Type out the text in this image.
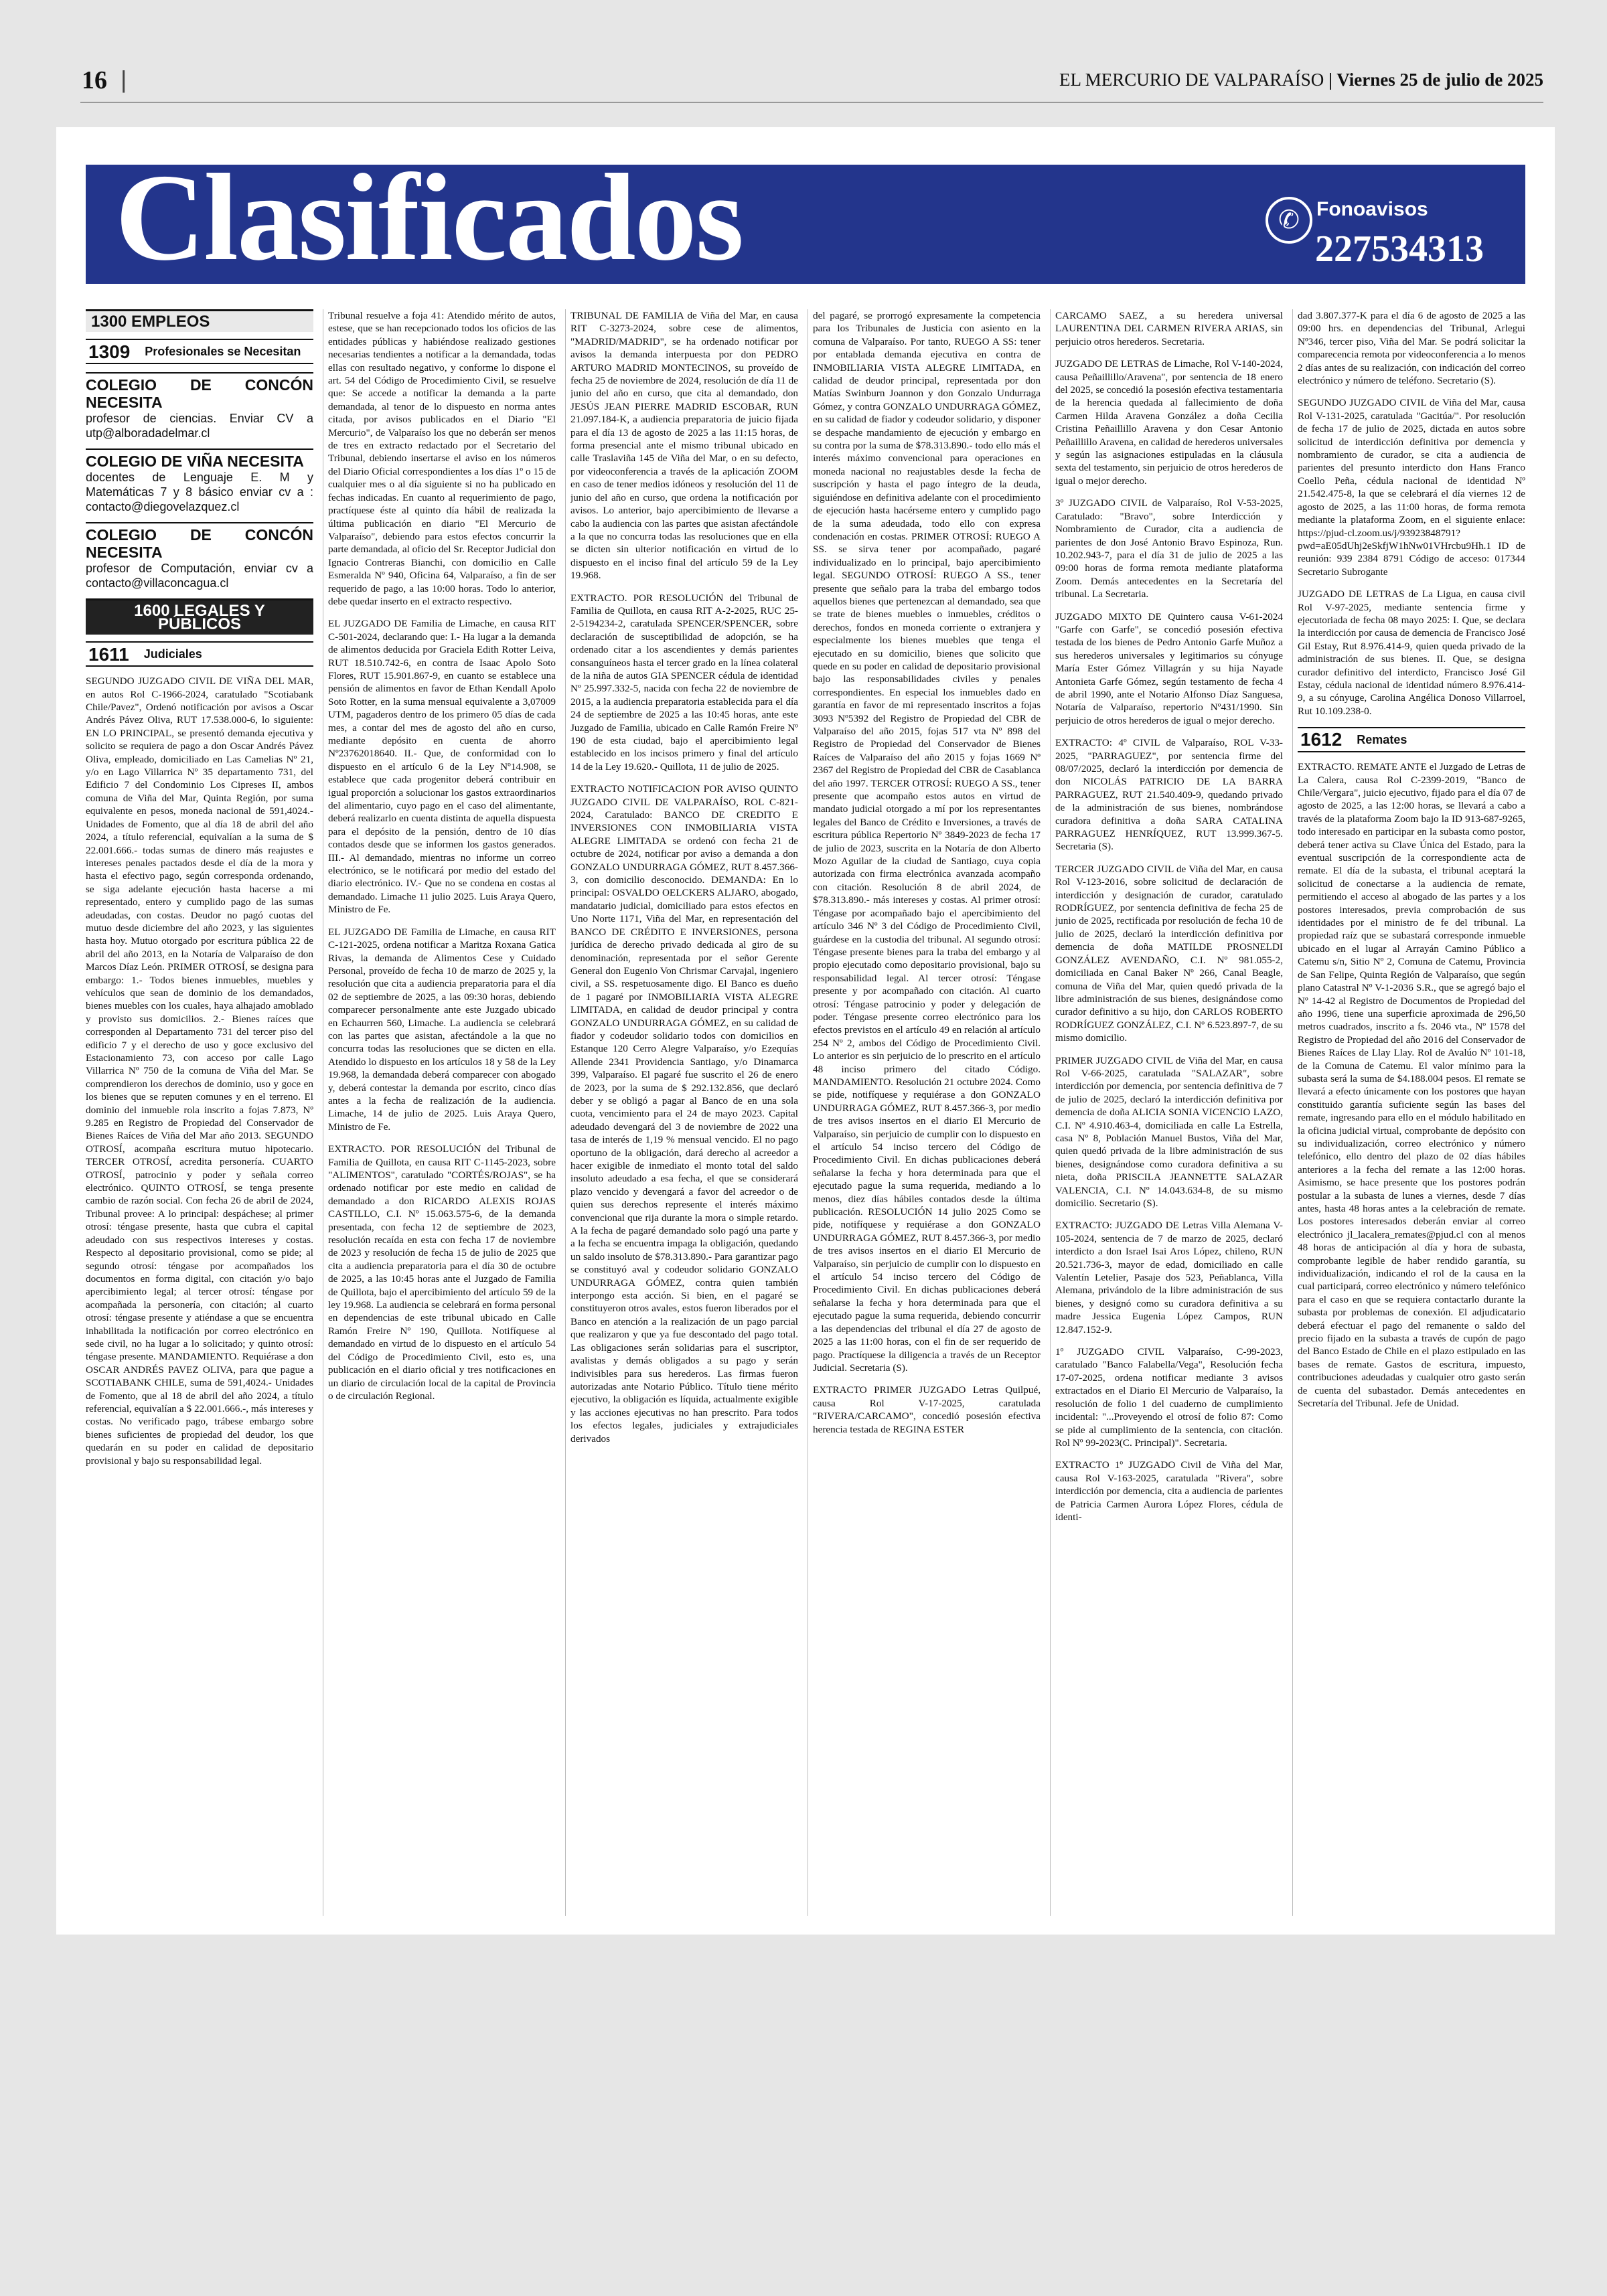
16 |	EL MERCURIO DE VALPARAÍSO | Viernes 25 de julio de 2025
Clasificados	✆ Fonoavisos
227534313
1300 EMPLEOS
1309 Profesionales se Necesitan
COLEGIO DE CONCÓN NECESITA
profesor de ciencias. Enviar CV a utp@alboradadelmar.cl
COLEGIO DE VIÑA NECESITA
docentes de Lenguaje E. M y Matemáticas 7 y 8 básico enviar cv a : contacto@diegovelazquez.cl
COLEGIO DE CONCÓN NECESITA
profesor de Computación, enviar cv a contacto@villaconcagua.cl
1600 LEGALES Y PÚBLICOS
1611 Judiciales

SEGUNDO JUZGADO CIVIL DE VIÑA DEL MAR, en autos Rol C-1966-2024, caratulado "Scotiabank Chile/Pavez", Ordenó notificación por avisos a Oscar Andrés Pávez Oliva, RUT 17.538.000-6, lo siguiente: EN LO PRINCIPAL, se presentó demanda ejecutiva y solicito se requiera de pago a don Oscar Andrés Pávez Oliva, empleado, domiciliado en Las Camelias Nº 21, y/o en Lago Villarrica Nº 35 departamento 731, del Edificio 7 del Condominio Los Cipreses II, ambos comuna de Viña del Mar, Quinta Región, por suma equivalente en pesos, moneda nacional de 591,4024.- Unidades de Fomento, que al día 18 de abril del año 2024, a título referencial, equivalían a la suma de $ 22.001.666.- todas sumas de dinero más reajustes e intereses penales pactados desde el día de la mora y hasta el efectivo pago, según corresponda ordenando, se siga adelante ejecución hasta hacerse a mi representado, entero y cumplido pago de las sumas adeudadas, con costas. Deudor no pagó cuotas del mutuo desde diciembre del año 2023, y las siguientes hasta hoy. Mutuo otorgado por escritura pública 22 de abril del año 2013, en la Notaría de Valparaíso de don Marcos Díaz León. PRIMER OTROSÍ, se designa para embargo: 1.- Todos bienes inmuebles, muebles y vehículos que sean de dominio de los demandados, bienes muebles con los cuales, haya alhajado amoblado y provisto sus domicilios. 2.- Bienes raíces que corresponden al Departamento 731 del tercer piso del edificio 7 y el derecho de uso y goce exclusivo del Estacionamiento 73, con acceso por calle Lago Villarrica Nº 750 de la comuna de Viña del Mar. Se comprendieron los derechos de dominio, uso y goce en los bienes que se reputen comunes y en el terreno. El dominio del inmueble rola inscrito a fojas 7.873, Nº 9.285 en Registro de Propiedad del Conservador de Bienes Raíces de Viña del Mar año 2013. SEGUNDO OTROSÍ, acompaña escritura mutuo hipotecario. TERCER OTROSÍ, acredita personería. CUARTO OTROSÍ, patrocinio y poder y señala correo electrónico. QUINTO OTROSÍ, se tenga presente cambio de razón social. Con fecha 26 de abril de 2024, Tribunal provee: A lo principal: despáchese; al primer otrosí: téngase presente, hasta que cubra el capital adeudado con sus respectivos intereses y costas. Respecto al depositario provisional, como se pide; al segundo otrosí: téngase por acompañados los documentos en forma digital, con citación y/o bajo apercibimiento legal; al tercer otrosí: téngase por acompañada la personería, con citación; al cuarto otrosí: téngase presente y atiéndase a que se encuentra inhabilitada la notificación por correo electrónico en sede civil, no ha lugar a lo solicitado; y quinto otrosí: téngase presente. MANDAMIENTO. Requiérase a don OSCAR ANDRÉS PAVEZ OLIVA, para que pague a SCOTIABANK CHILE, suma de 591,4024.- Unidades de Fomento, que al 18 de abril del año 2024, a título referencial, equivalían a $ 22.001.666.-, más intereses y costas. No verificado pago, trábese embargo sobre bienes suficientes de propiedad del deudor, los que quedarán en su poder en calidad de depositario provisional y bajo su responsabilidad legal.

Tribunal resuelve a foja 41: Atendido mérito de autos, estese, que se han recepcionado todos los oficios de las entidades públicas y habiéndose realizado gestiones necesarias tendientes a notificar a la demandada, todas ellas con resultado negativo, y conforme lo dispone el art. 54 del Código de Procedimiento Civil, se resuelve que: Se accede a notificar la demanda a la parte demandada, al tenor de lo dispuesto en norma antes citada, por avisos publicados en el Diario "El Mercurio", de Valparaíso los que no deberán ser menos de tres en extracto redactado por el Secretario del Tribunal, debiendo insertarse el aviso en los números del Diario Oficial correspondientes a los días 1º o 15 de cualquier mes o al día siguiente si no ha publicado en fechas indicadas. En cuanto al requerimiento de pago, practíquese éste al quinto día hábil de realizada la última publicación en diario "El Mercurio de Valparaíso", debiendo para estos efectos concurrir la parte demandada, al oficio del Sr. Receptor Judicial don Ignacio Contreras Bianchi, con domicilio en Calle Esmeralda Nº 940, Oficina 64, Valparaíso, a fin de ser requerido de pago, a las 10:00 horas. Todo lo anterior, debe quedar inserto en el extracto respectivo.

EL JUZGADO DE Familia de Limache, en causa RIT C-501-2024, declarando que: I.- Ha lugar a la demanda de alimentos deducida por Graciela Edith Rotter Leiva, RUT 18.510.742-6, en contra de Isaac Apolo Soto Flores, RUT 15.901.867-9, en cuanto se establece una pensión de alimentos en favor de Ethan Kendall Apolo Soto Rotter, en la suma mensual equivalente a 3,07009 UTM, pagaderos dentro de los primero 05 días de cada mes, a contar del mes de agosto del año en curso, mediante depósito en cuenta de ahorro Nº23762018640. II.- Que, de conformidad con lo dispuesto en el artículo 6 de la Ley Nº14.908, se establece que cada progenitor deberá contribuir en igual proporción a solucionar los gastos extraordinarios del alimentario, cuyo pago en el caso del alimentante, deberá realizarlo en cuenta distinta de aquella dispuesta para el depósito de la pensión, dentro de 10 días contados desde que se informen los gastos generados. III.- Al demandado, mientras no informe un correo electrónico, se le notificará por medio del estado del diario electrónico. IV.- Que no se condena en costas al demandado. Limache 11 julio 2025. Luis Araya Quero, Ministro de Fe.

EL JUZGADO DE Familia de Limache, en causa RIT C-121-2025, ordena notificar a Maritza Roxana Gatica Rivas, la demanda de Alimentos Cese y Cuidado Personal, proveído de fecha 10 de marzo de 2025 y, la resolución que cita a audiencia preparatoria para el día 02 de septiembre de 2025, a las 09:30 horas, debiendo comparecer personalmente ante este Juzgado ubicado en Echaurren 560, Limache. La audiencia se celebrará con las partes que asistan, afectándole a la que no concurra todas las resoluciones que se dicten en ella. Atendido lo dispuesto en los artículos 18 y 58 de la Ley 19.968, la demandada deberá comparecer con abogado y, deberá contestar la demanda por escrito, cinco días antes a la fecha de realización de la audiencia. Limache, 14 de julio de 2025. Luis Araya Quero, Ministro de Fe.

EXTRACTO. POR RESOLUCIÓN del Tribunal de Familia de Quillota, en causa RIT C-1145-2023, sobre "ALIMENTOS", caratulado "CORTÉS/ROJAS", se ha ordenado notificar por este medio en calidad de demandado a don RICARDO ALEXIS ROJAS CASTILLO, C.I. Nº 15.063.575-6, de la demanda presentada, con fecha 12 de septiembre de 2023, resolución recaída en esta con fecha 17 de noviembre de 2023 y resolución de fecha 15 de julio de 2025 que cita a audiencia preparatoria para el día 30 de octubre de 2025, a las 10:45 horas ante el Juzgado de Familia de Quillota, bajo el apercibimiento del artículo 59 de la ley 19.968. La audiencia se celebrará en forma personal en dependencias de este tribunal ubicado en Calle Ramón Freire Nº 190, Quillota. Notifíquese al demandado en virtud de lo dispuesto en el artículo 54 del Código de Procedimiento Civil, esto es, una publicación en el diario oficial y tres notificaciones en un diario de circulación local de la capital de Provincia o de circulación Regional.

TRIBUNAL DE FAMILIA de Viña del Mar, en causa RIT C-3273-2024, sobre cese de alimentos, "MADRID/MADRID", se ha ordenado notificar por avisos la demanda interpuesta por don PEDRO ARTURO MADRID MONTECINOS, su proveído de fecha 25 de noviembre de 2024, resolución de día 11 de junio del año en curso, que cita al demandado, don JESÚS JEAN PIERRE MADRID ESCOBAR, RUN 21.097.184-K, a audiencia preparatoria de juicio fijada para el día 13 de agosto de 2025 a las 11:15 horas, de forma presencial ante el mismo tribunal ubicado en calle Traslaviña 145 de Viña del Mar, o en su defecto, por videoconferencia a través de la aplicación ZOOM en caso de tener medios idóneos y resolución del 11 de junio del año en curso, que ordena la notificación por avisos. Lo anterior, bajo apercibimiento de llevarse a cabo la audiencia con las partes que asistan afectándole a la que no concurra todas las resoluciones que en ella se dicten sin ulterior notificación en virtud de lo dispuesto en el inciso final del artículo 59 de la Ley 19.968.

EXTRACTO. POR RESOLUCIÓN del Tribunal de Familia de Quillota, en causa RIT A-2-2025, RUC 25-2-5194234-2, caratulada SPENCER/SPENCER, sobre declaración de susceptibilidad de adopción, se ha ordenado citar a los ascendientes y demás parientes consanguíneos hasta el tercer grado en la línea colateral de la niña de autos GIA SPENCER cédula de identidad Nº 25.997.332-5, nacida con fecha 22 de noviembre de 2015, a la audiencia preparatoria establecida para el día 24 de septiembre de 2025 a las 10:45 horas, ante este Juzgado de Familia, ubicado en Calle Ramón Freire Nº 190 de esta ciudad, bajo el apercibimiento legal establecido en los incisos primero y final del artículo 14 de la Ley 19.620.- Quillota, 11 de julio de 2025.

EXTRACTO NOTIFICACION POR AVISO QUINTO JUZGADO CIVIL DE VALPARAÍSO, ROL C-821-2024, Caratulado: BANCO DE CREDITO E INVERSIONES CON INMOBILIARIA VISTA ALEGRE LIMITADA se ordenó con fecha 21 de octubre de 2024, notificar por aviso a demanda a don GONZALO UNDURRAGA GÓMEZ, RUT 8.457.366-3, con domicilio desconocido. DEMANDA: En lo principal: OSVALDO OELCKERS ALJARO, abogado, mandatario judicial, domiciliado para estos efectos en Uno Norte 1171, Viña del Mar, en representación del BANCO DE CRÉDITO E INVERSIONES, persona jurídica de derecho privado dedicada al giro de su denominación, representada por el señor Gerente General don Eugenio Von Chrismar Carvajal, ingeniero civil, a SS. respetuosamente digo. El Banco es dueño de 1 pagaré por INMOBILIARIA VISTA ALEGRE LIMITADA, en calidad de deudor principal y contra GONZALO UNDURRAGA GÓMEZ, en su calidad de fiador y codeudor solidario todos con domicilios en Estanque 120 Cerro Alegre Valparaíso, y/o Ezequías Allende 2341 Providencia Santiago, y/o Dinamarca 399, Valparaíso. El pagaré fue suscrito el 26 de enero de 2023, por la suma de $ 292.132.856, que declaró deber y se obligó a pagar al Banco de en una sola cuota, vencimiento para el 24 de mayo 2023. Capital adeudado devengará del 3 de noviembre de 2022 una tasa de interés de 1,19 % mensual vencido. El no pago oportuno de la obligación, dará derecho al acreedor a hacer exigible de inmediato el monto total del saldo insoluto adeudado a esa fecha, el que se considerará plazo vencido y devengará a favor del acreedor o de quien sus derechos represente el interés máximo convencional que rija durante la mora o simple retardo. A la fecha de pagaré demandado solo pagó una parte y a la fecha se encuentra impaga la obligación, quedando un saldo insoluto de $78.313.890.- Para garantizar pago se constituyó aval y codeudor solidario GONZALO UNDURRAGA GÓMEZ, contra quien también interpongo esta acción. Si bien, en el pagaré se constituyeron otros avales, estos fueron liberados por el Banco en atención a la realización de un pago parcial que realizaron y que ya fue descontado del pago total. Las obligaciones serán solidarias para el suscriptor, avalistas y demás obligados a su pago y serán indivisibles para sus herederos. Las firmas fueron autorizadas ante Notario Público. Título tiene mérito ejecutivo, la obligación es líquida, actualmente exigible y las acciones ejecutivas no han prescrito. Para todos los efectos legales, judiciales y extrajudiciales derivados

del pagaré, se prorrogó expresamente la competencia para los Tribunales de Justicia con asiento en la comuna de Valparaíso. Por tanto, RUEGO A SS: tener por entablada demanda ejecutiva en contra de INMOBILIARIA VISTA ALEGRE LIMITADA, en calidad de deudor principal, representada por don Matías Swinburn Joannon y don Gonzalo Undurraga Gómez, y contra GONZALO UNDURRAGA GÓMEZ, en su calidad de fiador y codeudor solidario, y disponer se despache mandamiento de ejecución y embargo en su contra por la suma de $78.313.890.- todo ello más el interés máximo convencional para operaciones en moneda nacional no reajustables desde la fecha de suscripción y hasta el pago íntegro de la deuda, siguiéndose en definitiva adelante con el procedimiento de ejecución hasta hacérseme entero y cumplido pago de la suma adeudada, todo ello con expresa condenación en costas. PRIMER OTROSÍ: RUEGO A SS. se sirva tener por acompañado, pagaré individualizado en lo principal, bajo apercibimiento legal. SEGUNDO OTROSÍ: RUEGO A SS., tener presente que señalo para la traba del embargo todos aquellos bienes que pertenezcan al demandado, sea que se trate de bienes muebles o inmuebles, créditos o derechos, fondos en moneda corriente o extranjera y especialmente los bienes muebles que tenga el ejecutado en su domicilio, bienes que solicito que quede en su poder en calidad de depositario provisional bajo las responsabilidades civiles y penales correspondientes. En especial los inmuebles dado en garantía en favor de mi representado inscritos a fojas 3093 Nº5392 del Registro de Propiedad del CBR de Valparaíso del año 2015, fojas 517 vta Nº 898 del Registro de Propiedad del Conservador de Bienes Raíces de Valparaíso del año 2015 y fojas 1669 Nº 2367 del Registro de Propiedad del CBR de Casablanca del año 1997. TERCER OTROSÍ: RUEGO A SS., tener presente que acompaño estos autos en virtud de mandato judicial otorgado a mí por los representantes legales del Banco de Crédito e Inversiones, a través de escritura pública Repertorio Nº 3849-2023 de fecha 17 de julio de 2023, suscrita en la Notaría de don Alberto Mozo Aguilar de la ciudad de Santiago, cuya copia autorizada con firma electrónica avanzada acompaño con citación. Resolución 8 de abril 2024, de $78.313.890.- más intereses y costas. Al primer otrosí: Téngase por acompañado bajo el apercibimiento del artículo 346 Nº 3 del Código de Procedimiento Civil, guárdese en la custodia del tribunal. Al segundo otrosí: Téngase presente bienes para la traba del embargo y al propio ejecutado como depositario provisional, bajo su responsabilidad legal. Al tercer otrosí: Téngase presente y por acompañado con citación. Al cuarto otrosí: Téngase patrocinio y poder y delegación de poder. Téngase presente correo electrónico para los efectos previstos en el artículo 49 en relación al artículo 254 Nº 2, ambos del Código de Procedimiento Civil. Lo anterior es sin perjuicio de lo prescrito en el artículo 48 inciso primero del citado Código. MANDAMIENTO. Resolución 21 octubre 2024. Como se pide, notifíquese y requiérase a don GONZALO UNDURRAGA GÓMEZ, RUT 8.457.366-3, por medio de tres avisos insertos en el diario El Mercurio de Valparaíso, sin perjuicio de cumplir con lo dispuesto en el artículo 54 inciso tercero del Código de Procedimiento Civil. En dichas publicaciones deberá señalarse la fecha y hora determinada para que el ejecutado pague la suma requerida, mediando a lo menos, diez días hábiles contados desde la última publicación. RESOLUCIÓN 14 julio 2025 Como se pide, notifíquese y requiérase a don GONZALO UNDURRAGA GÓMEZ, RUT 8.457.366-3, por medio de tres avisos insertos en el diario El Mercurio de Valparaíso, sin perjuicio de cumplir con lo dispuesto en el artículo 54 inciso tercero del Código de Procedimiento Civil. En dichas publicaciones deberá señalarse la fecha y hora determinada para que el ejecutado pague la suma requerida, debiendo concurrir a las dependencias del tribunal el día 27 de agosto de 2025 a las 11:00 horas, con el fin de ser requerido de pago. Practíquese la diligencia a través de un Receptor Judicial. Secretaria (S).

EXTRACTO PRIMER JUZGADO Letras Quilpué, causa Rol V-17-2025, caratulada "RIVERA/CARCAMO", concedió posesión efectiva herencia testada de REGINA ESTER

CARCAMO SAEZ, a su heredera universal LAURENTINA DEL CARMEN RIVERA ARIAS, sin perjuicio otros herederos. Secretaria.

JUZGADO DE LETRAS de Limache, Rol V-140-2024, causa Peñaillillo/Aravena", por sentencia de 18 enero del 2025, se concedió la posesión efectiva testamentaria de la herencia quedada al fallecimiento de doña Carmen Hilda Aravena González a doña Cecilia Cristina Peñaillillo Aravena y don Cesar Antonio Peñaillillo Aravena, en calidad de herederos universales y según las asignaciones estipuladas en la cláusula sexta del testamento, sin perjuicio de otros herederos de igual o mejor derecho.

3º JUZGADO CIVIL de Valparaíso, Rol V-53-2025, Caratulado: "Bravo", sobre Interdicción y Nombramiento de Curador, cita a audiencia de parientes de don José Antonio Bravo Espinoza, Run. 10.202.943-7, para el día 31 de julio de 2025 a las 09:00 horas de forma remota mediante plataforma Zoom. Demás antecedentes en la Secretaría del tribunal. La Secretaria.

JUZGADO MIXTO DE Quintero causa V-61-2024 "Garfe con Garfe", se concedió posesión efectiva testada de los bienes de Pedro Antonio Garfe Muñoz a sus herederos universales y legitimarios su cónyuge María Ester Gómez Villagrán y su hija Nayade Antonieta Garfe Gómez, según testamento de fecha 4 de abril 1990, ante el Notario Alfonso Díaz Sanguesa, Notaría de Valparaíso, repertorio Nº431/1990. Sin perjuicio de otros herederos de igual o mejor derecho.

EXTRACTO: 4º CIVIL de Valparaíso, ROL V-33-2025, "PARRAGUEZ", por sentencia firme del 08/07/2025, declaró la interdicción por demencia de don NICOLÁS PATRICIO DE LA BARRA PARRAGUEZ, RUT 21.540.409-9, quedando privado de la administración de sus bienes, nombrándose curadora definitiva a doña SARA CATALINA PARRAGUEZ HENRÍQUEZ, RUT 13.999.367-5. Secretaria (S).

TERCER JUZGADO CIVIL de Viña del Mar, en causa Rol V-123-2016, sobre solicitud de declaración de interdicción y designación de curador, caratulado RODRÍGUEZ, por sentencia definitiva de fecha 25 de junio de 2025, rectificada por resolución de fecha 10 de julio de 2025, declaró la interdicción definitiva por demencia de doña MATILDE PROSNELDI GONZÁLEZ AVENDAÑO, C.I. Nº 981.055-2, domiciliada en Canal Baker Nº 266, Canal Beagle, comuna de Viña del Mar, quien quedó privada de la libre administración de sus bienes, designándose como curador definitivo a su hijo, don CARLOS ROBERTO RODRÍGUEZ GONZÁLEZ, C.I. Nº 6.523.897-7, de su mismo domicilio.

PRIMER JUZGADO CIVIL de Viña del Mar, en causa Rol V-66-2025, caratulada "SALAZAR", sobre interdicción por demencia, por sentencia definitiva de 7 de julio de 2025, declaró la interdicción definitiva por demencia de doña ALICIA SONIA VICENCIO LAZO, C.I. Nº 4.910.463-4, domiciliada en calle La Estrella, casa Nº 8, Población Manuel Bustos, Viña del Mar, quien quedó privada de la libre administración de sus bienes, designándose como curadora definitiva a su nieta, doña PRISCILA JEANNETTE SALAZAR VALENCIA, C.I. Nº 14.043.634-8, de su mismo domicilio. Secretario (S).

EXTRACTO: JUZGADO DE Letras Villa Alemana V-105-2024, sentencia de 7 de marzo de 2025, declaró interdicto a don Israel Isai Aros López, chileno, RUN 20.521.736-3, mayor de edad, domiciliado en calle Valentín Letelier, Pasaje dos 523, Peñablanca, Villa Alemana, privándolo de la libre administración de sus bienes, y designó como su curadora definitiva a su madre Jessica Eugenia López Campos, RUN 12.847.152-9.

1º JUZGADO CIVIL Valparaíso, C-99-2023, caratulado "Banco Falabella/Vega", Resolución fecha 17-07-2025, ordena notificar mediante 3 avisos extractados en el Diario El Mercurio de Valparaíso, la resolución de folio 1 del cuaderno de cumplimiento incidental: "...Proveyendo el otrosí de folio 87: Como se pide al cumplimiento de la sentencia, con citación. Rol Nº 99-2023(C. Principal)". Secretaria.

EXTRACTO 1º JUZGADO Civil de Viña del Mar, causa Rol V-163-2025, caratulada "Rivera", sobre interdicción por demencia, cita a audiencia de parientes de Patricia Carmen Aurora López Flores, cédula de identi-

dad 3.807.377-K para el día 6 de agosto de 2025 a las 09:00 hrs. en dependencias del Tribunal, Arlegui Nº346, tercer piso, Viña del Mar. Se podrá solicitar la comparecencia remota por videoconferencia a lo menos 2 días antes de su realización, con indicación del correo electrónico y número de teléfono. Secretario (S).

SEGUNDO JUZGADO CIVIL de Viña del Mar, causa Rol V-131-2025, caratulada "Gacitúa/". Por resolución de fecha 17 de julio de 2025, dictada en autos sobre solicitud de interdicción definitiva por demencia y nombramiento de curador, se cita a audiencia de parientes del presunto interdicto don Hans Franco Coello Peña, cédula nacional de identidad Nº 21.542.475-8, la que se celebrará el día viernes 12 de agosto de 2025, a las 11:00 horas, de forma remota mediante la plataforma Zoom, en el siguiente enlace: https://pjud-cl.zoom.us/j/93923848791?pwd=aE05dUhj2eSkfjW1hNw01VHrcbu9Hh.1 ID de reunión: 939 2384 8791 Código de acceso: 017344 Secretario Subrogante

JUZGADO DE LETRAS de La Ligua, en causa civil Rol V-97-2025, mediante sentencia firme y ejecutoriada de fecha 08 mayo 2025: I. Que, se declara la interdicción por causa de demencia de Francisco José Gil Estay, Rut 8.976.414-9, quien queda privado de la administración de sus bienes. II. Que, se designa curador definitivo del interdicto, Francisco José Gil Estay, cédula nacional de identidad número 8.976.414-9, a su cónyuge, Carolina Angélica Donoso Villarroel, Rut 10.109.238-0.

1612 Remates

EXTRACTO. REMATE ANTE el Juzgado de Letras de La Calera, causa Rol C-2399-2019, "Banco de Chile/Vergara", juicio ejecutivo, fijado para el día 07 de agosto de 2025, a las 12:00 horas, se llevará a cabo a través de la plataforma Zoom bajo la ID 913-687-9265, todo interesado en participar en la subasta como postor, deberá tener activa su Clave Única del Estado, para la eventual suscripción de la correspondiente acta de remate. El día de la subasta, el tribunal aceptará la solicitud de conectarse a la audiencia de remate, permitiendo el acceso al abogado de las partes y a los postores interesados, previa comprobación de sus identidades por el ministro de fe del tribunal. La propiedad raíz que se subastará corresponde inmueble ubicado en el lugar al Arrayán Camino Público a Catemu s/n, Sitio Nº 2, Comuna de Catemu, Provincia de San Felipe, Quinta Región de Valparaíso, que según plano Catastral Nº V-1-2036 S.R., que se agregó bajo el Nº 14-42 al Registro de Documentos de Propiedad del año 1996, tiene una superficie aproximada de 296,50 metros cuadrados, inscrito a fs. 2046 vta., Nº 1578 del Registro de Propiedad del año 2016 del Conservador de Bienes Raíces de Llay Llay. Rol de Avalúo Nº 101-18, de la Comuna de Catemu. El valor mínimo para la subasta será la suma de $4.188.004 pesos. El remate se llevará a efecto únicamente con los postores que hayan constituido garantía suficiente según las bases del remate, ingresando para ello en el módulo habilitado en la oficina judicial virtual, comprobante de depósito con su individualización, correo electrónico y número telefónico, ello dentro del plazo de 02 días hábiles anteriores a la fecha del remate a las 12:00 horas. Asimismo, se hace presente que los postores podrán postular a la subasta de lunes a viernes, desde 7 días antes, hasta 48 horas antes a la celebración de remate. Los postores interesados deberán enviar al correo electrónico jl_lacalera_remates@pjud.cl con al menos 48 horas de anticipación al día y hora de subasta, comprobante legible de haber rendido garantía, su individualización, indicando el rol de la causa en la cual participará, correo electrónico y número telefónico para el caso en que se requiera contactarlo durante la subasta por problemas de conexión. El adjudicatario deberá efectuar el pago del remanente o saldo del precio fijado en la subasta a través de cupón de pago del Banco Estado de Chile en el plazo estipulado en las bases de remate. Gastos de escritura, impuesto, contribuciones adeudadas y cualquier otro gasto serán de cuenta del subastador. Demás antecedentes en Secretaría del Tribunal. Jefe de Unidad.
